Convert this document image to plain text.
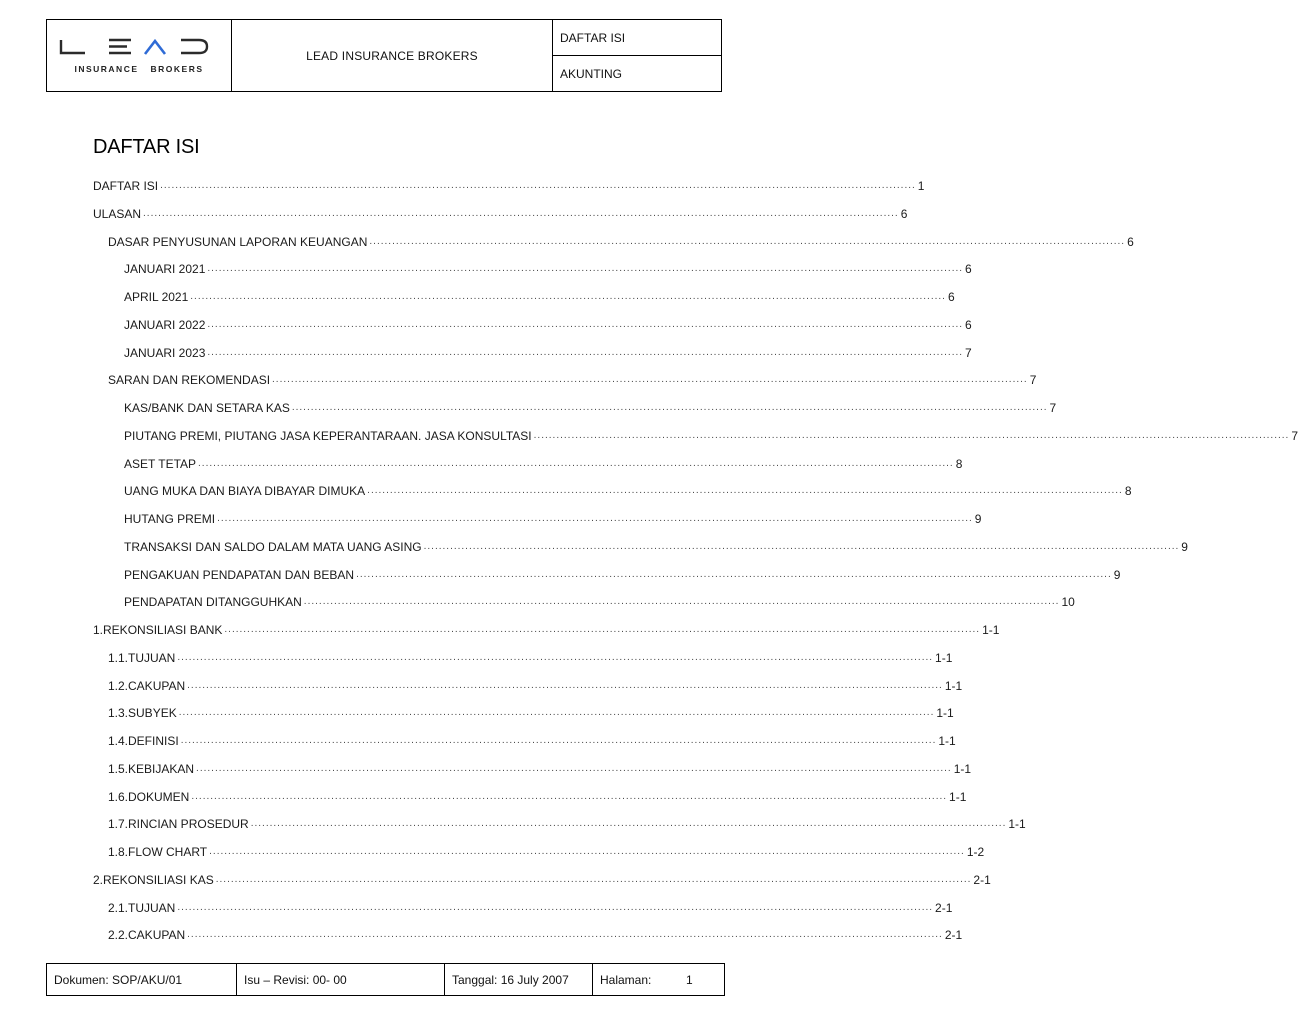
INSURANCE BROKERS
LEAD INSURANCE BROKERS
DAFTAR ISI
AKUNTING
DAFTAR ISI
DAFTAR ISI ........................................................................................................................................................................................................ 1
ULASAN ........................................................................................................................................................................................................ 6
DASAR PENYUSUNAN LAPORAN KEUANGAN ........................................................................................................................................................................................................ 6
JANUARI 2021 ........................................................................................................................................................................................................ 6
APRIL 2021 ........................................................................................................................................................................................................ 6
JANUARI 2022 ........................................................................................................................................................................................................ 6
JANUARI 2023 ........................................................................................................................................................................................................ 7
SARAN DAN REKOMENDASI ........................................................................................................................................................................................................ 7
KAS/BANK DAN SETARA KAS ........................................................................................................................................................................................................ 7
PIUTANG PREMI, PIUTANG JASA KEPERANTARAAN. JASA KONSULTASI ........................................................................................................................................................................................................ 7
ASET TETAP ........................................................................................................................................................................................................ 8
UANG MUKA DAN BIAYA DIBAYAR DIMUKA ........................................................................................................................................................................................................ 8
HUTANG PREMI ........................................................................................................................................................................................................ 9
TRANSAKSI DAN SALDO DALAM MATA UANG ASING ........................................................................................................................................................................................................ 9
PENGAKUAN PENDAPATAN DAN BEBAN ........................................................................................................................................................................................................ 9
PENDAPATAN DITANGGUHKAN ........................................................................................................................................................................................................ 10
1. REKONSILIASI BANK ........................................................................................................................................................................................................ 1-1
1.1. TUJUAN ........................................................................................................................................................................................................ 1-1
1.2. CAKUPAN ........................................................................................................................................................................................................ 1-1
1.3. SUBYEK ........................................................................................................................................................................................................ 1-1
1.4. DEFINISI ........................................................................................................................................................................................................ 1-1
1.5. KEBIJAKAN ........................................................................................................................................................................................................ 1-1
1.6. DOKUMEN ........................................................................................................................................................................................................ 1-1
1.7. RINCIAN PROSEDUR ........................................................................................................................................................................................................ 1-1
1.8. FLOW CHART ........................................................................................................................................................................................................ 1-2
2. REKONSILIASI KAS ........................................................................................................................................................................................................ 2-1
2.1. TUJUAN ........................................................................................................................................................................................................ 2-1
2.2. CAKUPAN ........................................................................................................................................................................................................ 2-1
Dokumen: SOP/AKU/01	Isu – Revisi: 00- 00	Tanggal: 16 July 2007	Halaman:	1
